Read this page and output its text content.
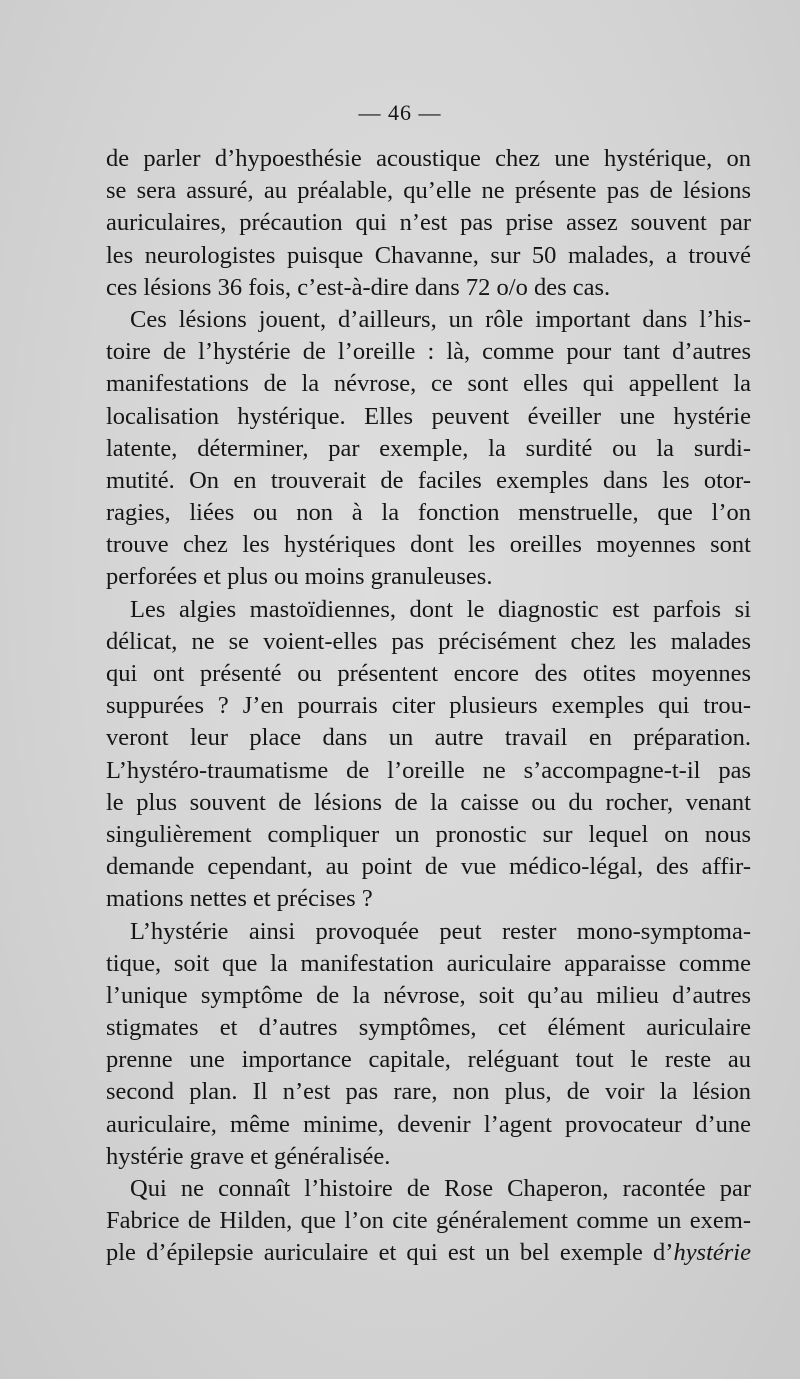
— 46 —
de parler d’hypoesthésie acoustique chez une hystérique, on
se sera assuré, au préalable, qu’elle ne présente pas de lésions
auriculaires, précaution qui n’est pas prise assez souvent par
les neurologistes puisque Chavanne, sur 50 malades, a trouvé
ces lésions 36 fois, c’est-à-dire dans 72 o/o des cas.
Ces lésions jouent, d’ailleurs, un rôle important dans l’his-
toire de l’hystérie de l’oreille : là, comme pour tant d’autres
manifestations de la névrose, ce sont elles qui appellent la
localisation hystérique. Elles peuvent éveiller une hystérie
latente, déterminer, par exemple, la surdité ou la surdi-
mutité. On en trouverait de faciles exemples dans les otor-
ragies, liées ou non à la fonction menstruelle, que l’on
trouve chez les hystériques dont les oreilles moyennes sont
perforées et plus ou moins granuleuses.
Les algies mastoïdiennes, dont le diagnostic est parfois si
délicat, ne se voient-elles pas précisément chez les malades
qui ont présenté ou présentent encore des otites moyennes
suppurées ? J’en pourrais citer plusieurs exemples qui trou-
veront leur place dans un autre travail en préparation.
L’hystéro-traumatisme de l’oreille ne s’accompagne-t-il pas
le plus souvent de lésions de la caisse ou du rocher, venant
singulièrement compliquer un pronostic sur lequel on nous
demande cependant, au point de vue médico-légal, des affir-
mations nettes et précises ?
L’hystérie ainsi provoquée peut rester mono-symptoma-
tique, soit que la manifestation auriculaire apparaisse comme
l’unique symptôme de la névrose, soit qu’au milieu d’autres
stigmates et d’autres symptômes, cet élément auriculaire
prenne une importance capitale, reléguant tout le reste au
second plan. Il n’est pas rare, non plus, de voir la lésion
auriculaire, même minime, devenir l’agent provocateur d’une
hystérie grave et généralisée.
Qui ne connaît l’histoire de Rose Chaperon, racontée par
Fabrice de Hilden, que l’on cite généralement comme un exem-
ple d’épilepsie auriculaire et qui est un bel exemple d’hystérie
